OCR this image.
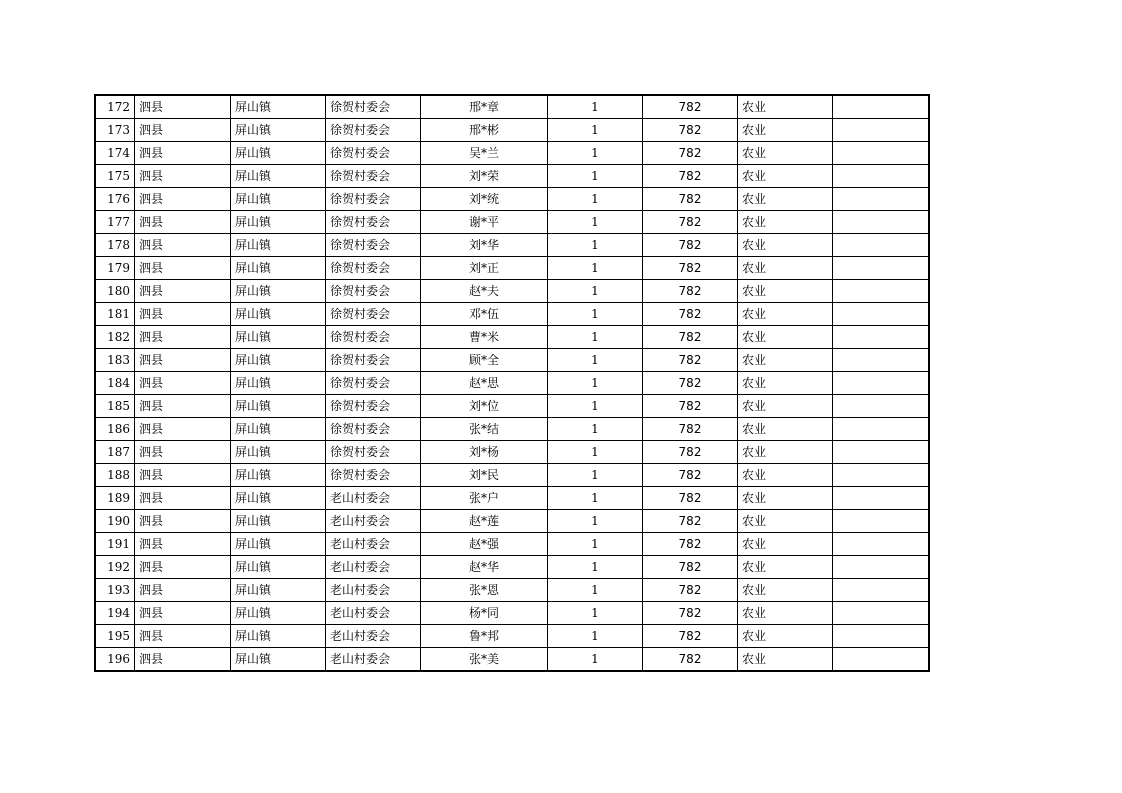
172	泗县	屏山镇	徐贺村委会	邢*章	1	782	农业	
173	泗县	屏山镇	徐贺村委会	邢*彬	1	782	农业	
174	泗县	屏山镇	徐贺村委会	吴*兰	1	782	农业	
175	泗县	屏山镇	徐贺村委会	刘*荣	1	782	农业	
176	泗县	屏山镇	徐贺村委会	刘*统	1	782	农业	
177	泗县	屏山镇	徐贺村委会	谢*平	1	782	农业	
178	泗县	屏山镇	徐贺村委会	刘*华	1	782	农业	
179	泗县	屏山镇	徐贺村委会	刘*正	1	782	农业	
180	泗县	屏山镇	徐贺村委会	赵*夫	1	782	农业	
181	泗县	屏山镇	徐贺村委会	邓*伍	1	782	农业	
182	泗县	屏山镇	徐贺村委会	曹*米	1	782	农业	
183	泗县	屏山镇	徐贺村委会	顾*全	1	782	农业	
184	泗县	屏山镇	徐贺村委会	赵*思	1	782	农业	
185	泗县	屏山镇	徐贺村委会	刘*位	1	782	农业	
186	泗县	屏山镇	徐贺村委会	张*结	1	782	农业	
187	泗县	屏山镇	徐贺村委会	刘*杨	1	782	农业	
188	泗县	屏山镇	徐贺村委会	刘*民	1	782	农业	
189	泗县	屏山镇	老山村委会	张*户	1	782	农业	
190	泗县	屏山镇	老山村委会	赵*莲	1	782	农业	
191	泗县	屏山镇	老山村委会	赵*强	1	782	农业	
192	泗县	屏山镇	老山村委会	赵*华	1	782	农业	
193	泗县	屏山镇	老山村委会	张*恩	1	782	农业	
194	泗县	屏山镇	老山村委会	杨*同	1	782	农业	
195	泗县	屏山镇	老山村委会	鲁*邦	1	782	农业	
196	泗县	屏山镇	老山村委会	张*美	1	782	农业	
